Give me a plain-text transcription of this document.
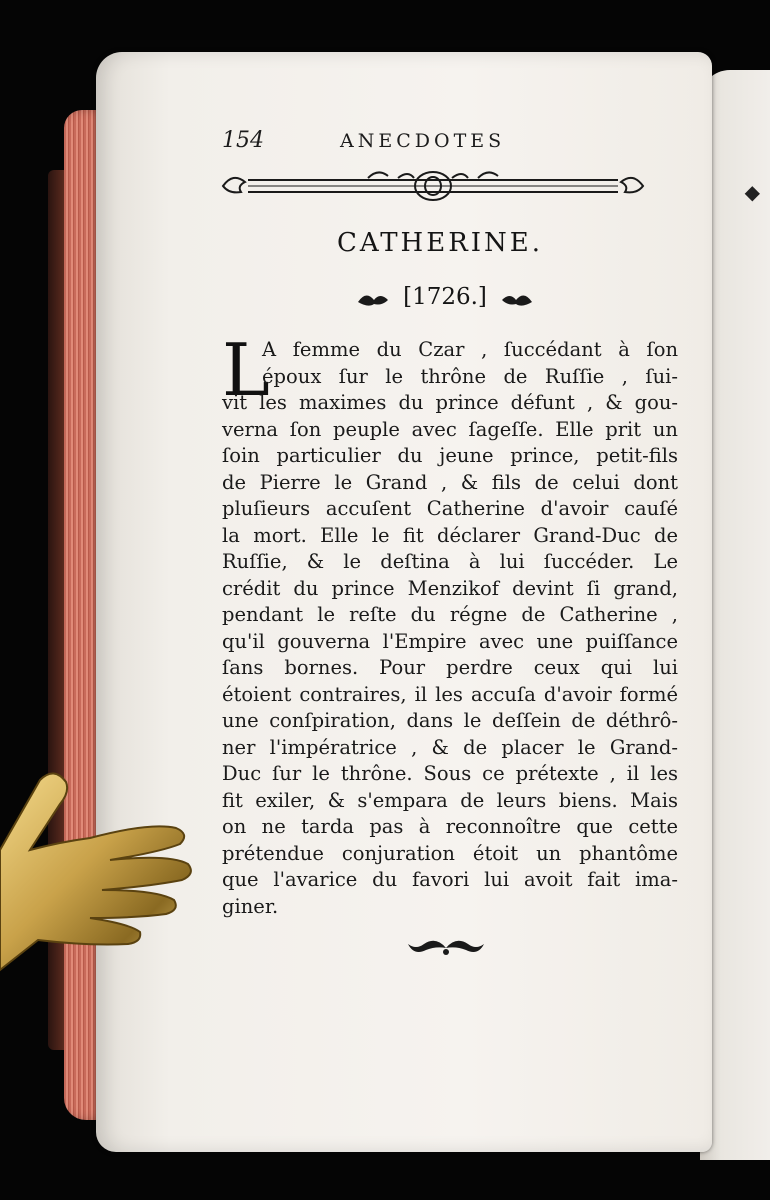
◆
154	ANECDOTES
CATHERINE.
[1726.]
L
A femme du Czar , ſuccédant à ſon
époux ſur le thrône de Ruſſie , ſui-
vit les maximes du prince défunt , & gou-
verna ſon peuple avec ſageſſe. Elle prit un
ſoin particulier du jeune prince, petit-fils
de Pierre le Grand , & fils de celui dont
pluſieurs accuſent Catherine d'avoir cauſé
la mort. Elle le fit déclarer Grand-Duc de
Ruſſie, & le deſtina à lui ſuccéder. Le
crédit du prince Menzikof devint ſi grand,
pendant le reſte du régne de Catherine ,
qu'il gouverna l'Empire avec une puiſſance
ſans bornes. Pour perdre ceux qui lui
étoient contraires, il les accuſa d'avoir formé
une conſpiration, dans le deſſein de déthrô-
ner l'impératrice , & de placer le Grand-
Duc ſur le thrône. Sous ce prétexte , il les
fit exiler, & s'empara de leurs biens. Mais
on ne tarda pas à reconnoître que cette
prétendue conjuration étoit un phantôme
que l'avarice du favori lui avoit fait ima-
giner.
